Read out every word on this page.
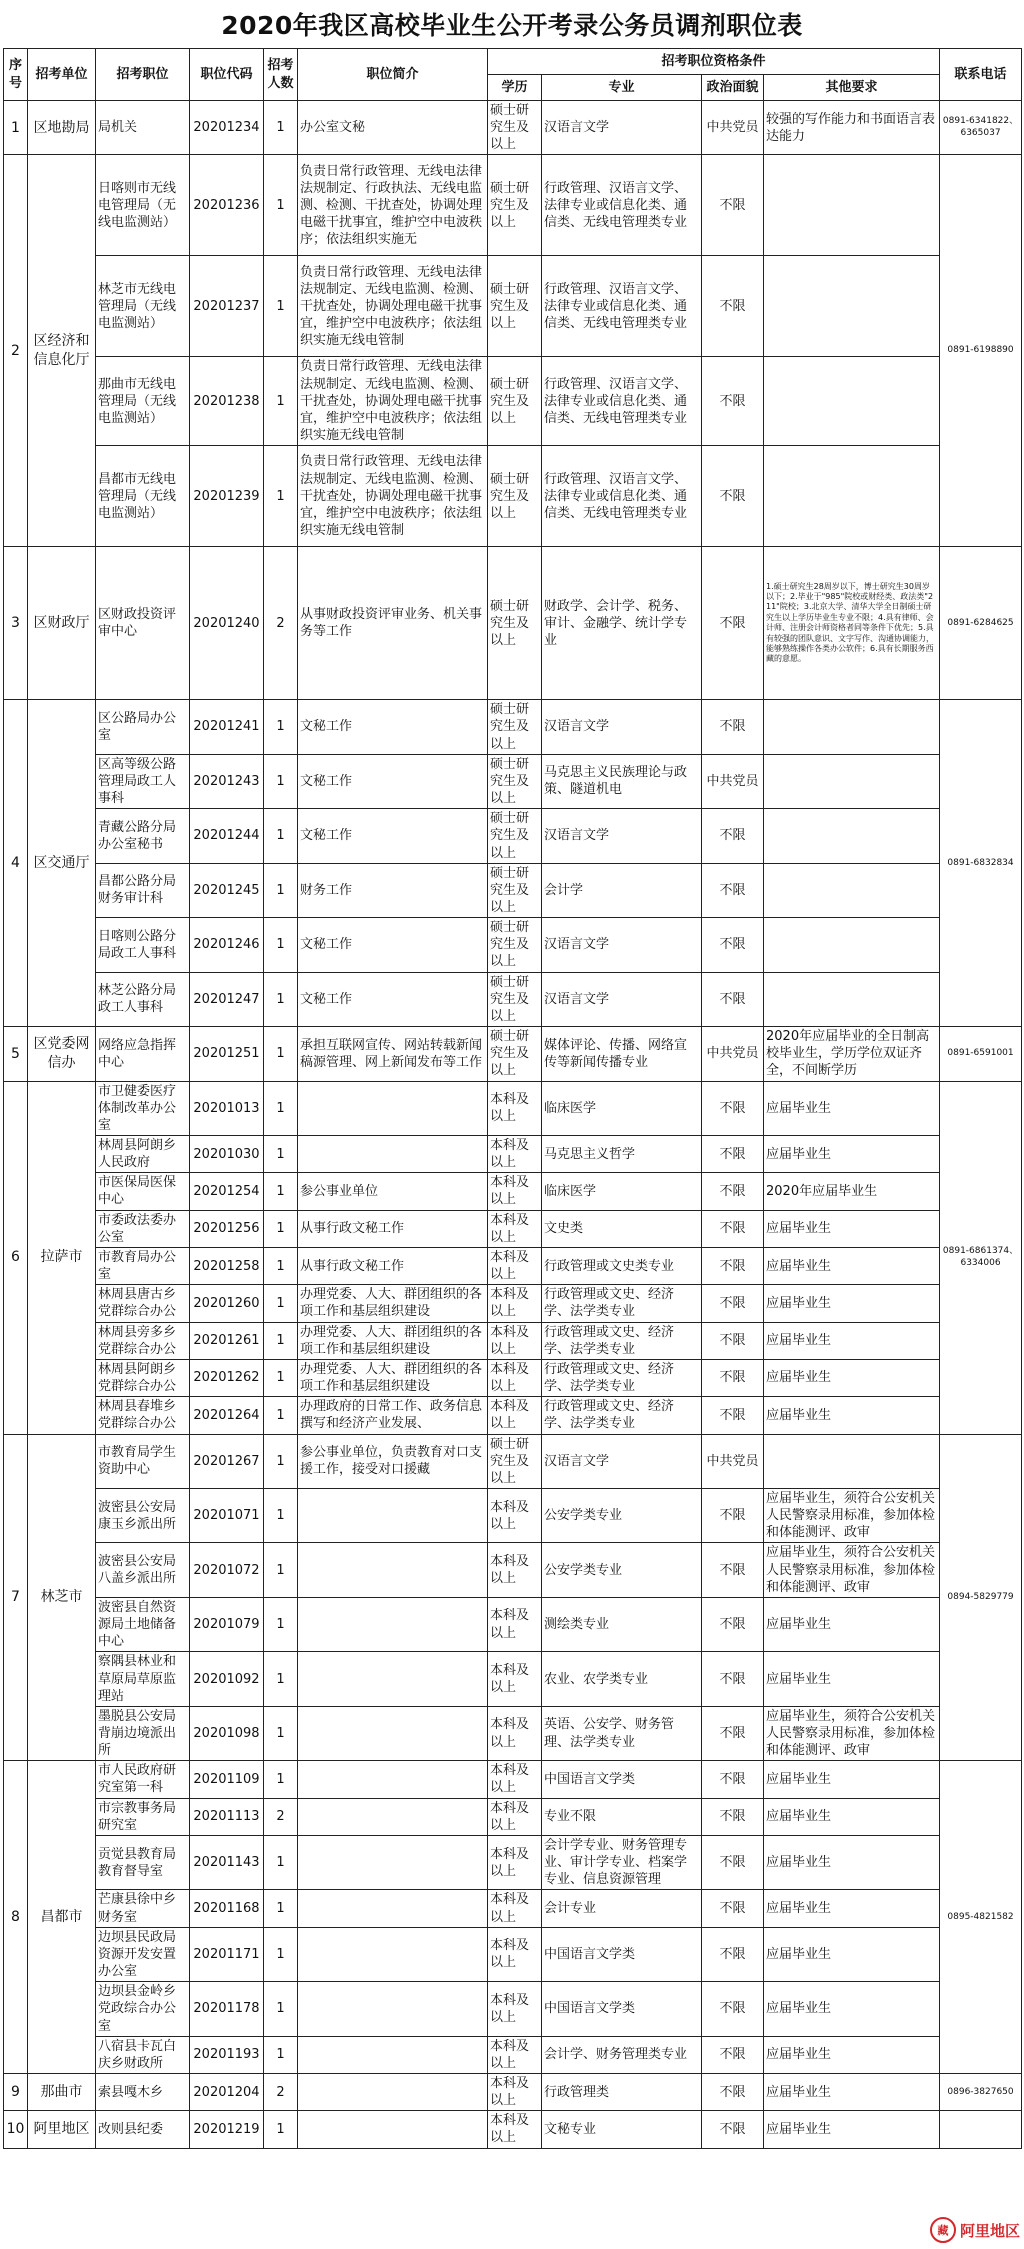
2020年我区高校毕业生公开考录公务员调剂职位表
序号	招考单位	招考职位	职位代码	招考人数	职位简介	招考职位资格条件				联系电话
						学历	专业	政治面貌	其他要求	
1	区地勘局	局机关	20201234	1	办公室文秘	硕士研究生及以上	汉语言文学	中共党员	较强的写作能力和书面语言表达能力	0891-6341822、6365037
2	区经济和信息化厅	日喀则市无线电管理局（无线电监测站）	20201236	1	负责日常行政管理、无线电法律法规制定、行政执法、无线电监测、检测、干扰查处，协调处理电磁干扰事宜，维护空中电波秩序；依法组织实施无	硕士研究生及以上	行政管理、汉语言文学、法律专业或信息化类、通信类、无线电管理类专业	不限		0891-6198890
		林芝市无线电管理局（无线电监测站）	20201237	1	负责日常行政管理、无线电法律法规制定、无线电监测、检测、干扰查处，协调处理电磁干扰事宜，维护空中电波秩序；依法组织实施无线电管制	硕士研究生及以上	行政管理、汉语言文学、法律专业或信息化类、通信类、无线电管理类专业	不限		
		那曲市无线电管理局（无线电监测站）	20201238	1	负责日常行政管理、无线电法律法规制定、无线电监测、检测、干扰查处，协调处理电磁干扰事宜，维护空中电波秩序；依法组织实施无线电管制	硕士研究生及以上	行政管理、汉语言文学、法律专业或信息化类、通信类、无线电管理类专业	不限		
		昌都市无线电管理局（无线电监测站）	20201239	1	负责日常行政管理、无线电法律法规制定、无线电监测、检测、干扰查处，协调处理电磁干扰事宜，维护空中电波秩序；依法组织实施无线电管制	硕士研究生及以上	行政管理、汉语言文学、法律专业或信息化类、通信类、无线电管理类专业	不限		
3	区财政厅	区财政投资评审中心	20201240	2	从事财政投资评审业务、机关事务等工作	硕士研究生及以上	财政学、会计学、税务、审计、金融学、统计学专业	不限	1.硕士研究生28周岁以下，博士研究生30周岁以下；2.毕业于"985"院校或财经类、政法类"211"院校；3.北京大学、清华大学全日制硕士研究生以上学历毕业生专业不限；4.具有律师、会计师、注册会计师资格者同等条件下优先；5.具有较强的团队意识、文字写作、沟通协调能力，能够熟练操作各类办公软件；6.具有长期服务西藏的意愿。	0891-6284625
4	区交通厅	区公路局办公室	20201241	1	文秘工作	硕士研究生及以上	汉语言文学	不限		0891-6832834
		区高等级公路管理局政工人事科	20201243	1	文秘工作	硕士研究生及以上	马克思主义民族理论与政策、隧道机电	中共党员		
		青藏公路分局办公室秘书	20201244	1	文秘工作	硕士研究生及以上	汉语言文学	不限		
		昌都公路分局财务审计科	20201245	1	财务工作	硕士研究生及以上	会计学	不限		
		日喀则公路分局政工人事科	20201246	1	文秘工作	硕士研究生及以上	汉语言文学	不限		
		林芝公路分局政工人事科	20201247	1	文秘工作	硕士研究生及以上	汉语言文学	不限		
5	区党委网信办	网络应急指挥中心	20201251	1	承担互联网宣传、网站转载新闻稿源管理、网上新闻发布等工作	硕士研究生及以上	媒体评论、传播、网络宣传等新闻传播专业	中共党员	2020年应届毕业的全日制高校毕业生，学历学位双证齐全，不间断学历	0891-6591001
6	拉萨市	市卫健委医疗体制改革办公室	20201013	1		本科及以上	临床医学	不限	应届毕业生	0891-6861374、6334006
		林周县阿朗乡人民政府	20201030	1		本科及以上	马克思主义哲学	不限	应届毕业生	
		市医保局医保中心	20201254	1	参公事业单位	本科及以上	临床医学	不限	2020年应届毕业生	
		市委政法委办公室	20201256	1	从事行政文秘工作	本科及以上	文史类	不限	应届毕业生	
		市教育局办公室	20201258	1	从事行政文秘工作	本科及以上	行政管理或文史类专业	不限	应届毕业生	
		林周县唐古乡党群综合办公	20201260	1	办理党委、人大、群团组织的各项工作和基层组织建设	本科及以上	行政管理或文史、经济学、法学类专业	不限	应届毕业生	
		林周县旁多乡党群综合办公	20201261	1	办理党委、人大、群团组织的各项工作和基层组织建设	本科及以上	行政管理或文史、经济学、法学类专业	不限	应届毕业生	
		林周县阿朗乡党群综合办公	20201262	1	办理党委、人大、群团组织的各项工作和基层组织建设	本科及以上	行政管理或文史、经济学、法学类专业	不限	应届毕业生	
		林周县春堆乡党群综合办公	20201264	1	办理政府的日常工作、政务信息撰写和经济产业发展、	本科及以上	行政管理或文史、经济学、法学类专业	不限	应届毕业生	
7	林芝市	市教育局学生资助中心	20201267	1	参公事业单位，负责教育对口支援工作，接受对口援藏	硕士研究生及以上	汉语言文学	中共党员		0894-5829779
		波密县公安局康玉乡派出所	20201071	1		本科及以上	公安学类专业	不限	应届毕业生，须符合公安机关人民警察录用标准，参加体检和体能测评、政审	
		波密县公安局八盖乡派出所	20201072	1		本科及以上	公安学类专业	不限	应届毕业生，须符合公安机关人民警察录用标准，参加体检和体能测评、政审	
		波密县自然资源局土地储备中心	20201079	1		本科及以上	测绘类专业	不限	应届毕业生	
		察隅县林业和草原局草原监理站	20201092	1		本科及以上	农业、农学类专业	不限	应届毕业生	
		墨脱县公安局背崩边境派出所	20201098	1		本科及以上	英语、公安学、财务管理、法学类专业	不限	应届毕业生，须符合公安机关人民警察录用标准，参加体检和体能测评、政审	
8	昌都市	市人民政府研究室第一科	20201109	1		本科及以上	中国语言文学类	不限	应届毕业生	0895-4821582
		市宗教事务局研究室	20201113	2		本科及以上	专业不限	不限	应届毕业生	
		贡觉县教育局教育督导室	20201143	1		本科及以上	会计学专业、财务管理专业、审计学专业、档案学专业、信息资源管理	不限	应届毕业生	
		芒康县徐中乡财务室	20201168	1		本科及以上	会计专业	不限	应届毕业生	
		边坝县民政局资源开发安置办公室	20201171	1		本科及以上	中国语言文学类	不限	应届毕业生	
		边坝县金岭乡党政综合办公室	20201178	1		本科及以上	中国语言文学类	不限	应届毕业生	
		八宿县卡瓦白庆乡财政所	20201193	1		本科及以上	会计学、财务管理类专业	不限	应届毕业生	
9	那曲市	索县嘎木乡	20201204	2		本科及以上	行政管理类	不限	应届毕业生	0896-3827650
10	阿里地区	改则县纪委	20201219	1		本科及以上	文秘专业	不限	应届毕业生	
藏 阿里地区
